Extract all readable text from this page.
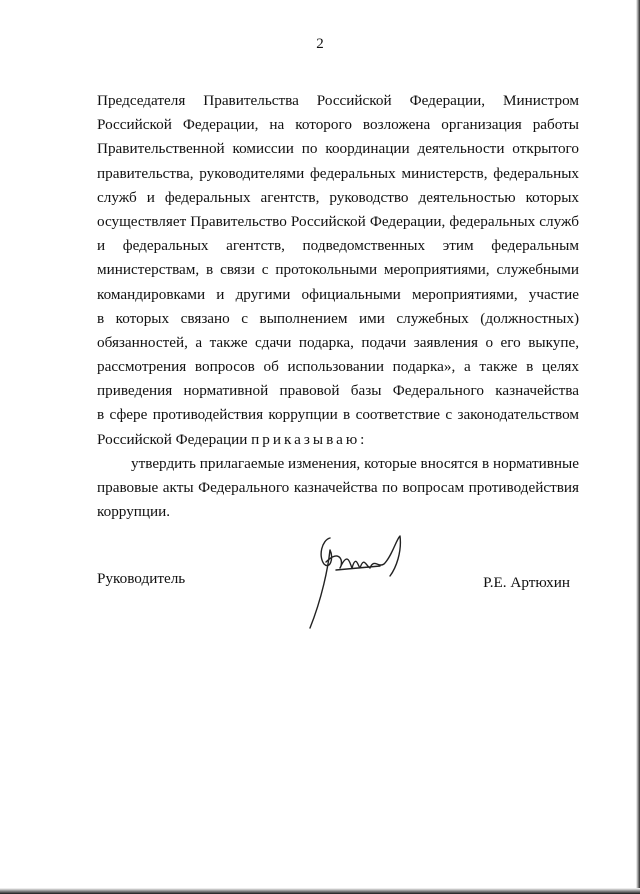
2
Председателя Правительства Российской Федерации, Министром
Российской Федерации, на которого возложена организация работы
Правительственной комиссии по координации деятельности открытого
правительства, руководителями федеральных министерств, федеральных
служб и федеральных агентств, руководство деятельностью которых
осуществляет Правительство Российской Федерации, федеральных служб
и федеральных агентств, подведомственных этим федеральным
министерствам, в связи с протокольными мероприятиями, служебными
командировками и другими официальными мероприятиями, участие
в которых связано с выполнением ими служебных (должностных)
обязанностей, а также сдачи подарка, подачи заявления о его выкупе,
рассмотрения вопросов об использовании подарка», а также в целях
приведения нормативной правовой базы Федерального казначейства
в сфере противодействия коррупции в соответствие с законодательством
Российской Федерации приказываю:
утвердить прилагаемые изменения, которые вносятся в нормативные
правовые акты Федерального казначейства по вопросам противодействия
коррупции.
Руководитель	Р.Е. Артюхин
